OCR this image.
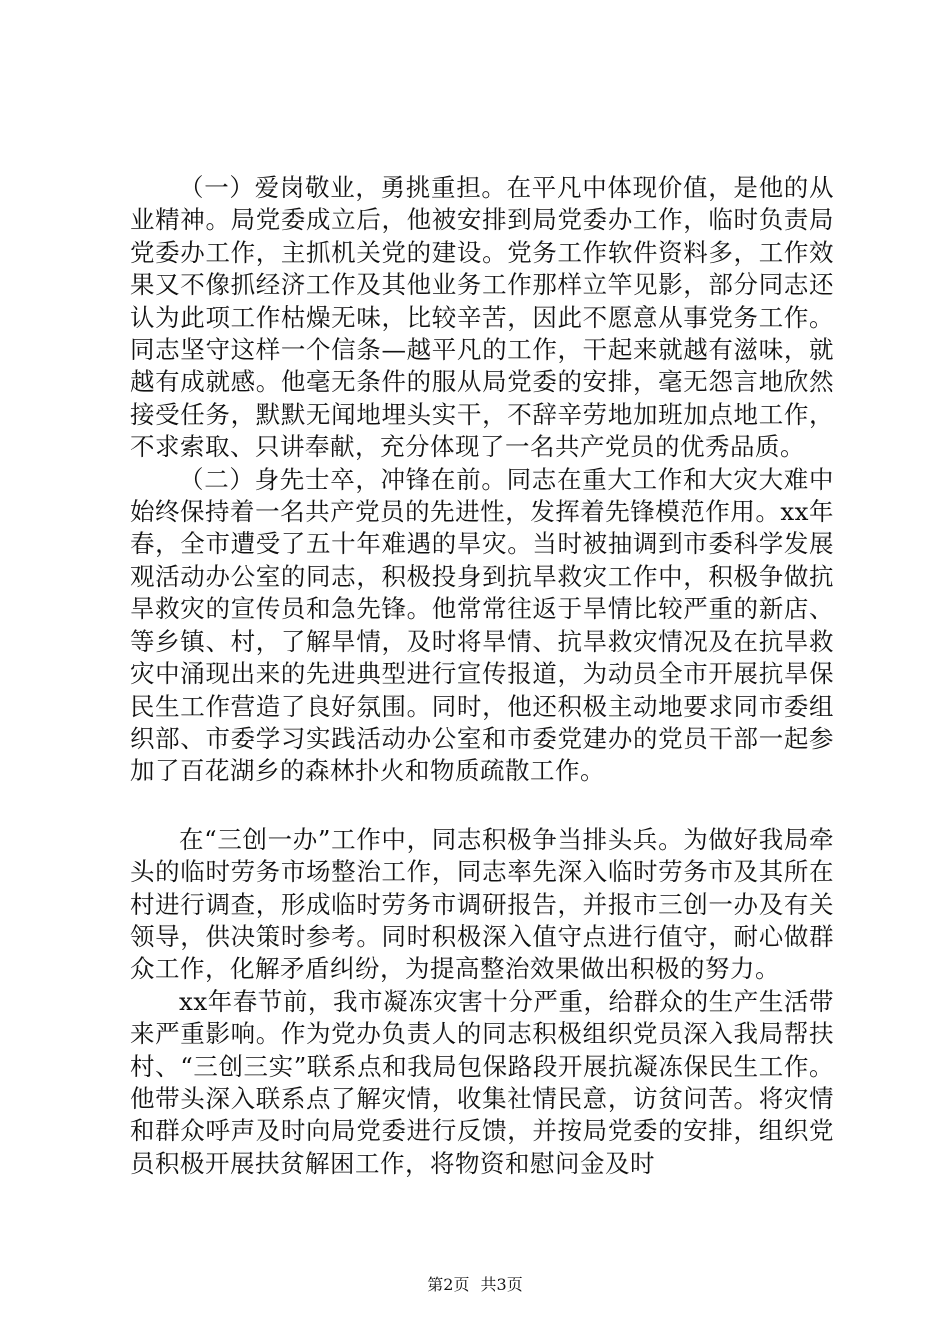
（一）爱岗敬业，勇挑重担。在平凡中体现价值，是他的从业精神。局党委成立后，他被安排到局党委办工作，临时负责局党委办工作，主抓机关党的建设。党务工作软件资料多，工作效果又不像抓经济工作及其他业务工作那样立竿见影，部分同志还认为此项工作枯燥无味，比较辛苦，因此不愿意从事党务工作。同志坚守这样一个信条—越平凡的工作，干起来就越有滋味，就越有成就感。他毫无条件的服从局党委的安排，毫无怨言地欣然接受任务，默默无闻地埋头实干，不辞辛劳地加班加点地工作，不求索取、只讲奉献，充分体现了一名共产党员的优秀品质。

（二）身先士卒，冲锋在前。同志在重大工作和大灾大难中始终保持着一名共产党员的先进性，发挥着先锋模范作用。xx年春，全市遭受了五十年难遇的旱灾。当时被抽调到市委科学发展观活动办公室的同志，积极投身到抗旱救灾工作中，积极争做抗旱救灾的宣传员和急先锋。他常常往返于旱情比较严重的新店、等乡镇、村，了解旱情，及时将旱情、抗旱救灾情况及在抗旱救灾中涌现出来的先进典型进行宣传报道，为动员全市开展抗旱保民生工作营造了良好氛围。同时，他还积极主动地要求同市委组织部、市委学习实践活动办公室和市委党建办的党员干部一起参加了百花湖乡的森林扑火和物质疏散工作。

在“三创一办”工作中，同志积极争当排头兵。为做好我局牵头的临时劳务市场整治工作，同志率先深入临时劳务市及其所在村进行调查，形成临时劳务市调研报告，并报市三创一办及有关领导，供决策时参考。同时积极深入值守点进行值守，耐心做群众工作，化解矛盾纠纷，为提高整治效果做出积极的努力。

xx年春节前，我市凝冻灾害十分严重，给群众的生产生活带来严重影响。作为党办负责人的同志积极组织党员深入我局帮扶村、“三创三实”联系点和我局包保路段开展抗凝冻保民生工作。他带头深入联系点了解灾情，收集社情民意，访贫问苦。将灾情和群众呼声及时向局党委进行反馈，并按局党委的安排，组织党员积极开展扶贫解困工作，将物资和慰问金及时

第2页 共3页
